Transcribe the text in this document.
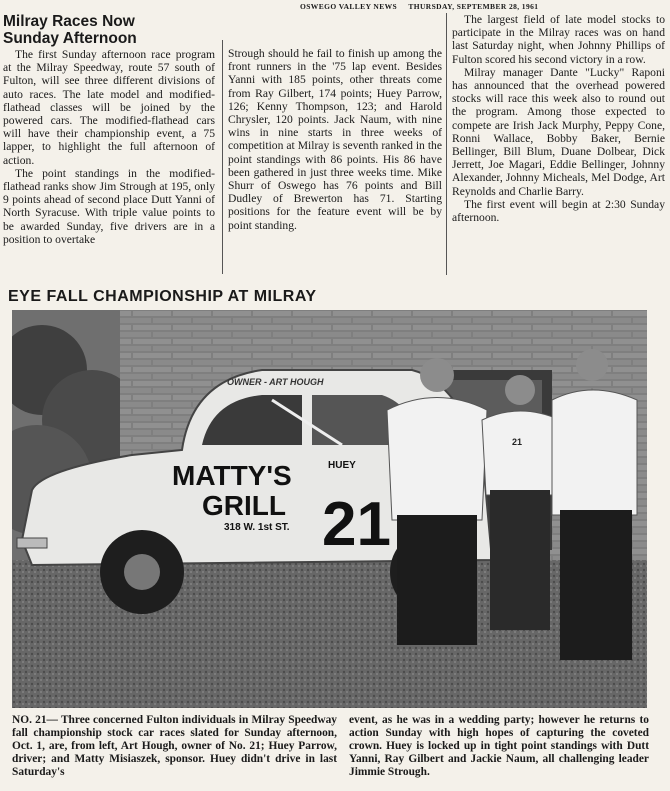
OSWEGO VALLEY NEWS THURSDAY, SEPTEMBER 28, 1961
Milray Races Now
Sunday Afternoon

The first Sunday afternoon race program at the Milray Speedway, route 57 south of Fulton, will see three different divisions of auto races. The late model and modified-flathead classes will be joined by the powered cars. The modified-flathead cars will have their championship event, a 75 lapper, to highlight the full afternoon of action.

The point standings in the modified-flathead ranks show Jim Strough at 195, only 9 points ahead of second place Dutt Yanni of North Syracuse. With triple value points to be awarded Sunday, five drivers are in a position to overtake

Strough should he fail to finish up among the front runners in the '75 lap event. Besides Yanni with 185 points, other threats come from Ray Gilbert, 174 points; Huey Parrow, 126; Kenny Thompson, 123; and Harold Chrysler, 120 points. Jack Naum, with nine wins in nine starts in three weeks of competition at Milray is seventh ranked in the point standings with 86 points. His 86 have been gathered in just three weeks time. Mike Shurr of Oswego has 76 points and Bill Dudley of Brewerton has 71. Starting positions for the feature event will be by point standing.

The largest field of late model stocks to participate in the Milray races was on hand last Saturday night, when Johnny Phillips of Fulton scored his second victory in a row.

Milray manager Dante "Lucky" Raponi has announced that the overhead powered stocks will race this week also to round out the program. Among those expected to compete are Irish Jack Murphy, Peppy Cone, Ronni Wallace, Bobby Baker, Bernie Bellinger, Bill Blum, Duane Dolbear, Dick Jerrett, Joe Magari, Eddie Bellinger, Johnny Alexander, Johnny Micheals, Mel Dodge, Art Reynolds and Charlie Barry.

The first event will begin at 2:30 Sunday afternoon.

EYE FALL CHAMPIONSHIP AT MILRAY
OWNER - ART HOUGH
MATTY'S
GRILL
318 W. 1st ST. 21
HUEY
21

NO. 21— Three concerned Fulton individuals in Milray Speedway fall championship stock car races slated for Sunday afternoon, Oct. 1, are, from left, Art Hough, owner of No. 21; Huey Parrow, driver; and Matty Misiaszek, sponsor. Huey didn't drive in last Saturday's

event, as he was in a wedding party; however he returns to action Sunday with high hopes of capturing the coveted crown. Huey is locked up in tight point standings with Dutt Yanni, Ray Gilbert and Jackie Naum, all challenging leader Jimmie Strough.
